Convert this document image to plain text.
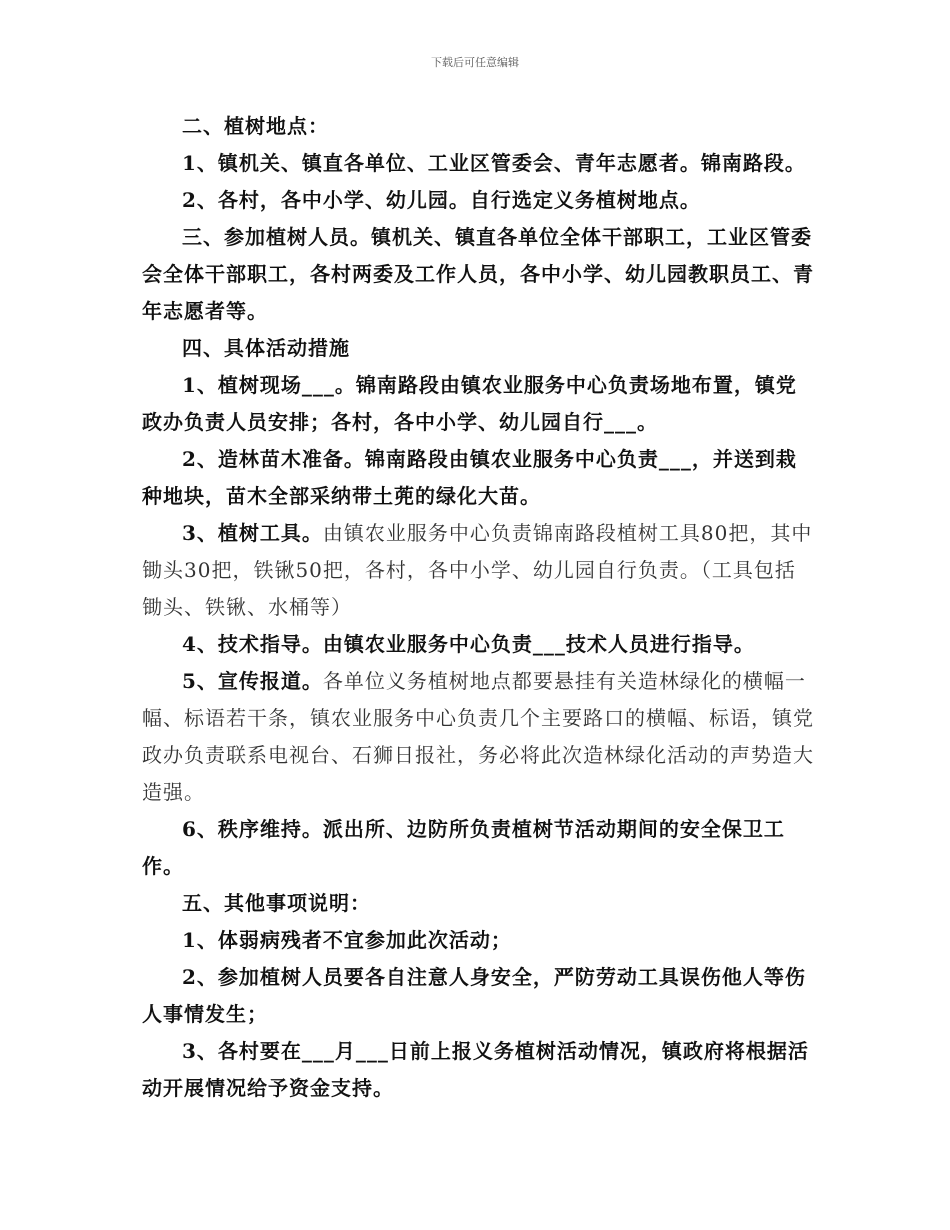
下载后可任意编辑

二、植树地点：

1、镇机关、镇直各单位、工业区管委会、青年志愿者。锦南路段。

2、各村，各中小学、幼儿园。自行选定义务植树地点。

三、参加植树人员。镇机关、镇直各单位全体干部职工，工业区管委会全体干部职工，各村两委及工作人员，各中小学、幼儿园教职员工、青年志愿者等。

四、具体活动措施

1、植树现场___。锦南路段由镇农业服务中心负责场地布置，镇党政办负责人员安排；各村，各中小学、幼儿园自行___。

2、造林苗木准备。锦南路段由镇农业服务中心负责___，并送到栽种地块，苗木全部采纳带土蔸的绿化大苗。

3、植树工具。由镇农业服务中心负责锦南路段植树工具80把，其中锄头30把，铁锹50把，各村，各中小学、幼儿园自行负责。（工具包括锄头、铁锹、水桶等）

4、技术指导。由镇农业服务中心负责___技术人员进行指导。

5、宣传报道。各单位义务植树地点都要悬挂有关造林绿化的横幅一幅、标语若干条，镇农业服务中心负责几个主要路口的横幅、标语，镇党政办负责联系电视台、石狮日报社，务必将此次造林绿化活动的声势造大造强。

6、秩序维持。派出所、边防所负责植树节活动期间的安全保卫工作。

五、其他事项说明：

1、体弱病残者不宜参加此次活动；

2、参加植树人员要各自注意人身安全，严防劳动工具误伤他人等伤人事情发生；

3、各村要在___月___日前上报义务植树活动情况，镇政府将根据活动开展情况给予资金支持。
